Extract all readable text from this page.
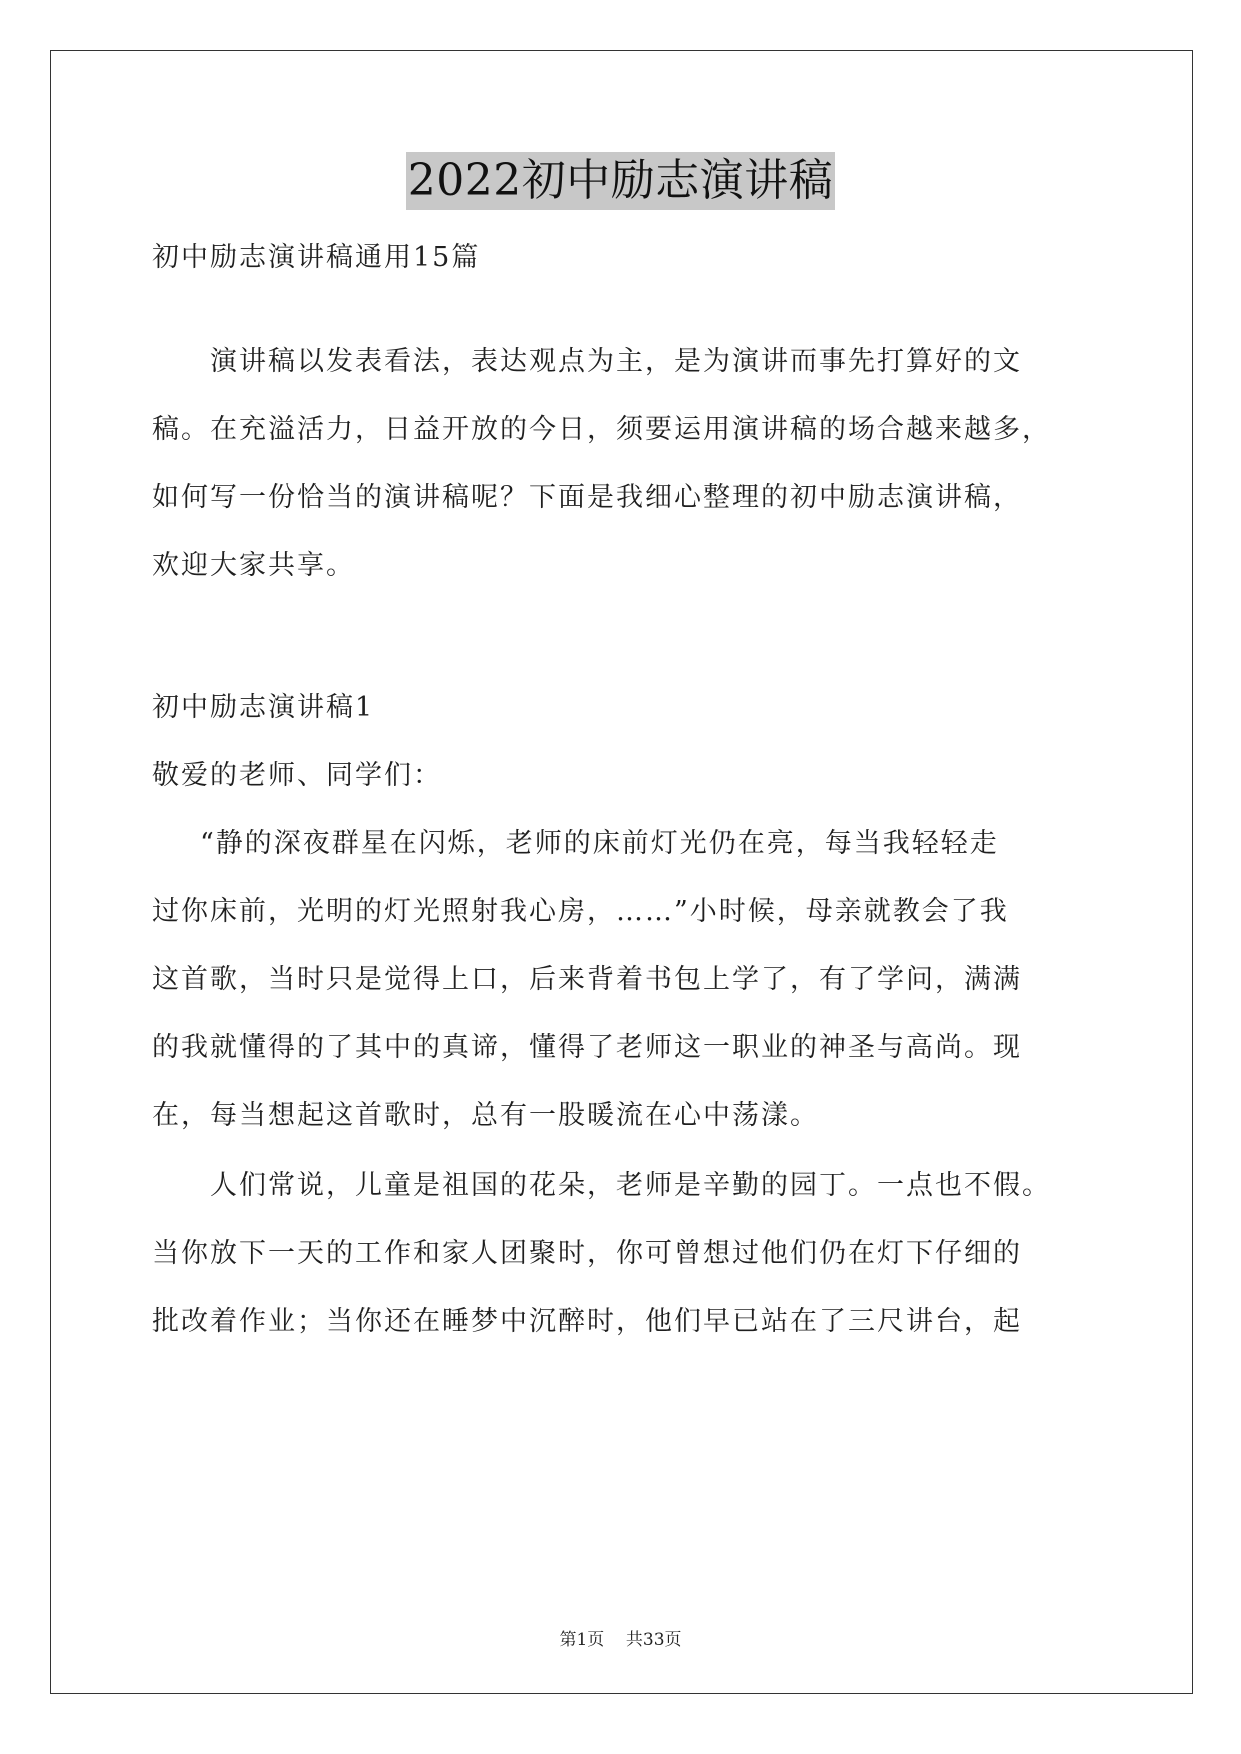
2022初中励志演讲稿
初中励志演讲稿通用15篇
演讲稿以发表看法，表达观点为主，是为演讲而事先打算好的文
稿。在充溢活力，日益开放的今日，须要运用演讲稿的场合越来越多，
如何写一份恰当的演讲稿呢？下面是我细心整理的初中励志演讲稿，
欢迎大家共享。
初中励志演讲稿1
敬爱的老师、同学们：
“静的深夜群星在闪烁，老师的床前灯光仍在亮，每当我轻轻走
过你床前，光明的灯光照射我心房，……”小时候，母亲就教会了我
这首歌，当时只是觉得上口，后来背着书包上学了，有了学问，满满
的我就懂得的了其中的真谛，懂得了老师这一职业的神圣与高尚。现
在，每当想起这首歌时，总有一股暖流在心中荡漾。
人们常说，儿童是祖国的花朵，老师是辛勤的园丁。一点也不假。
当你放下一天的工作和家人团聚时，你可曾想过他们仍在灯下仔细的
批改着作业；当你还在睡梦中沉醉时，他们早已站在了三尺讲台，起
第1页 共33页
